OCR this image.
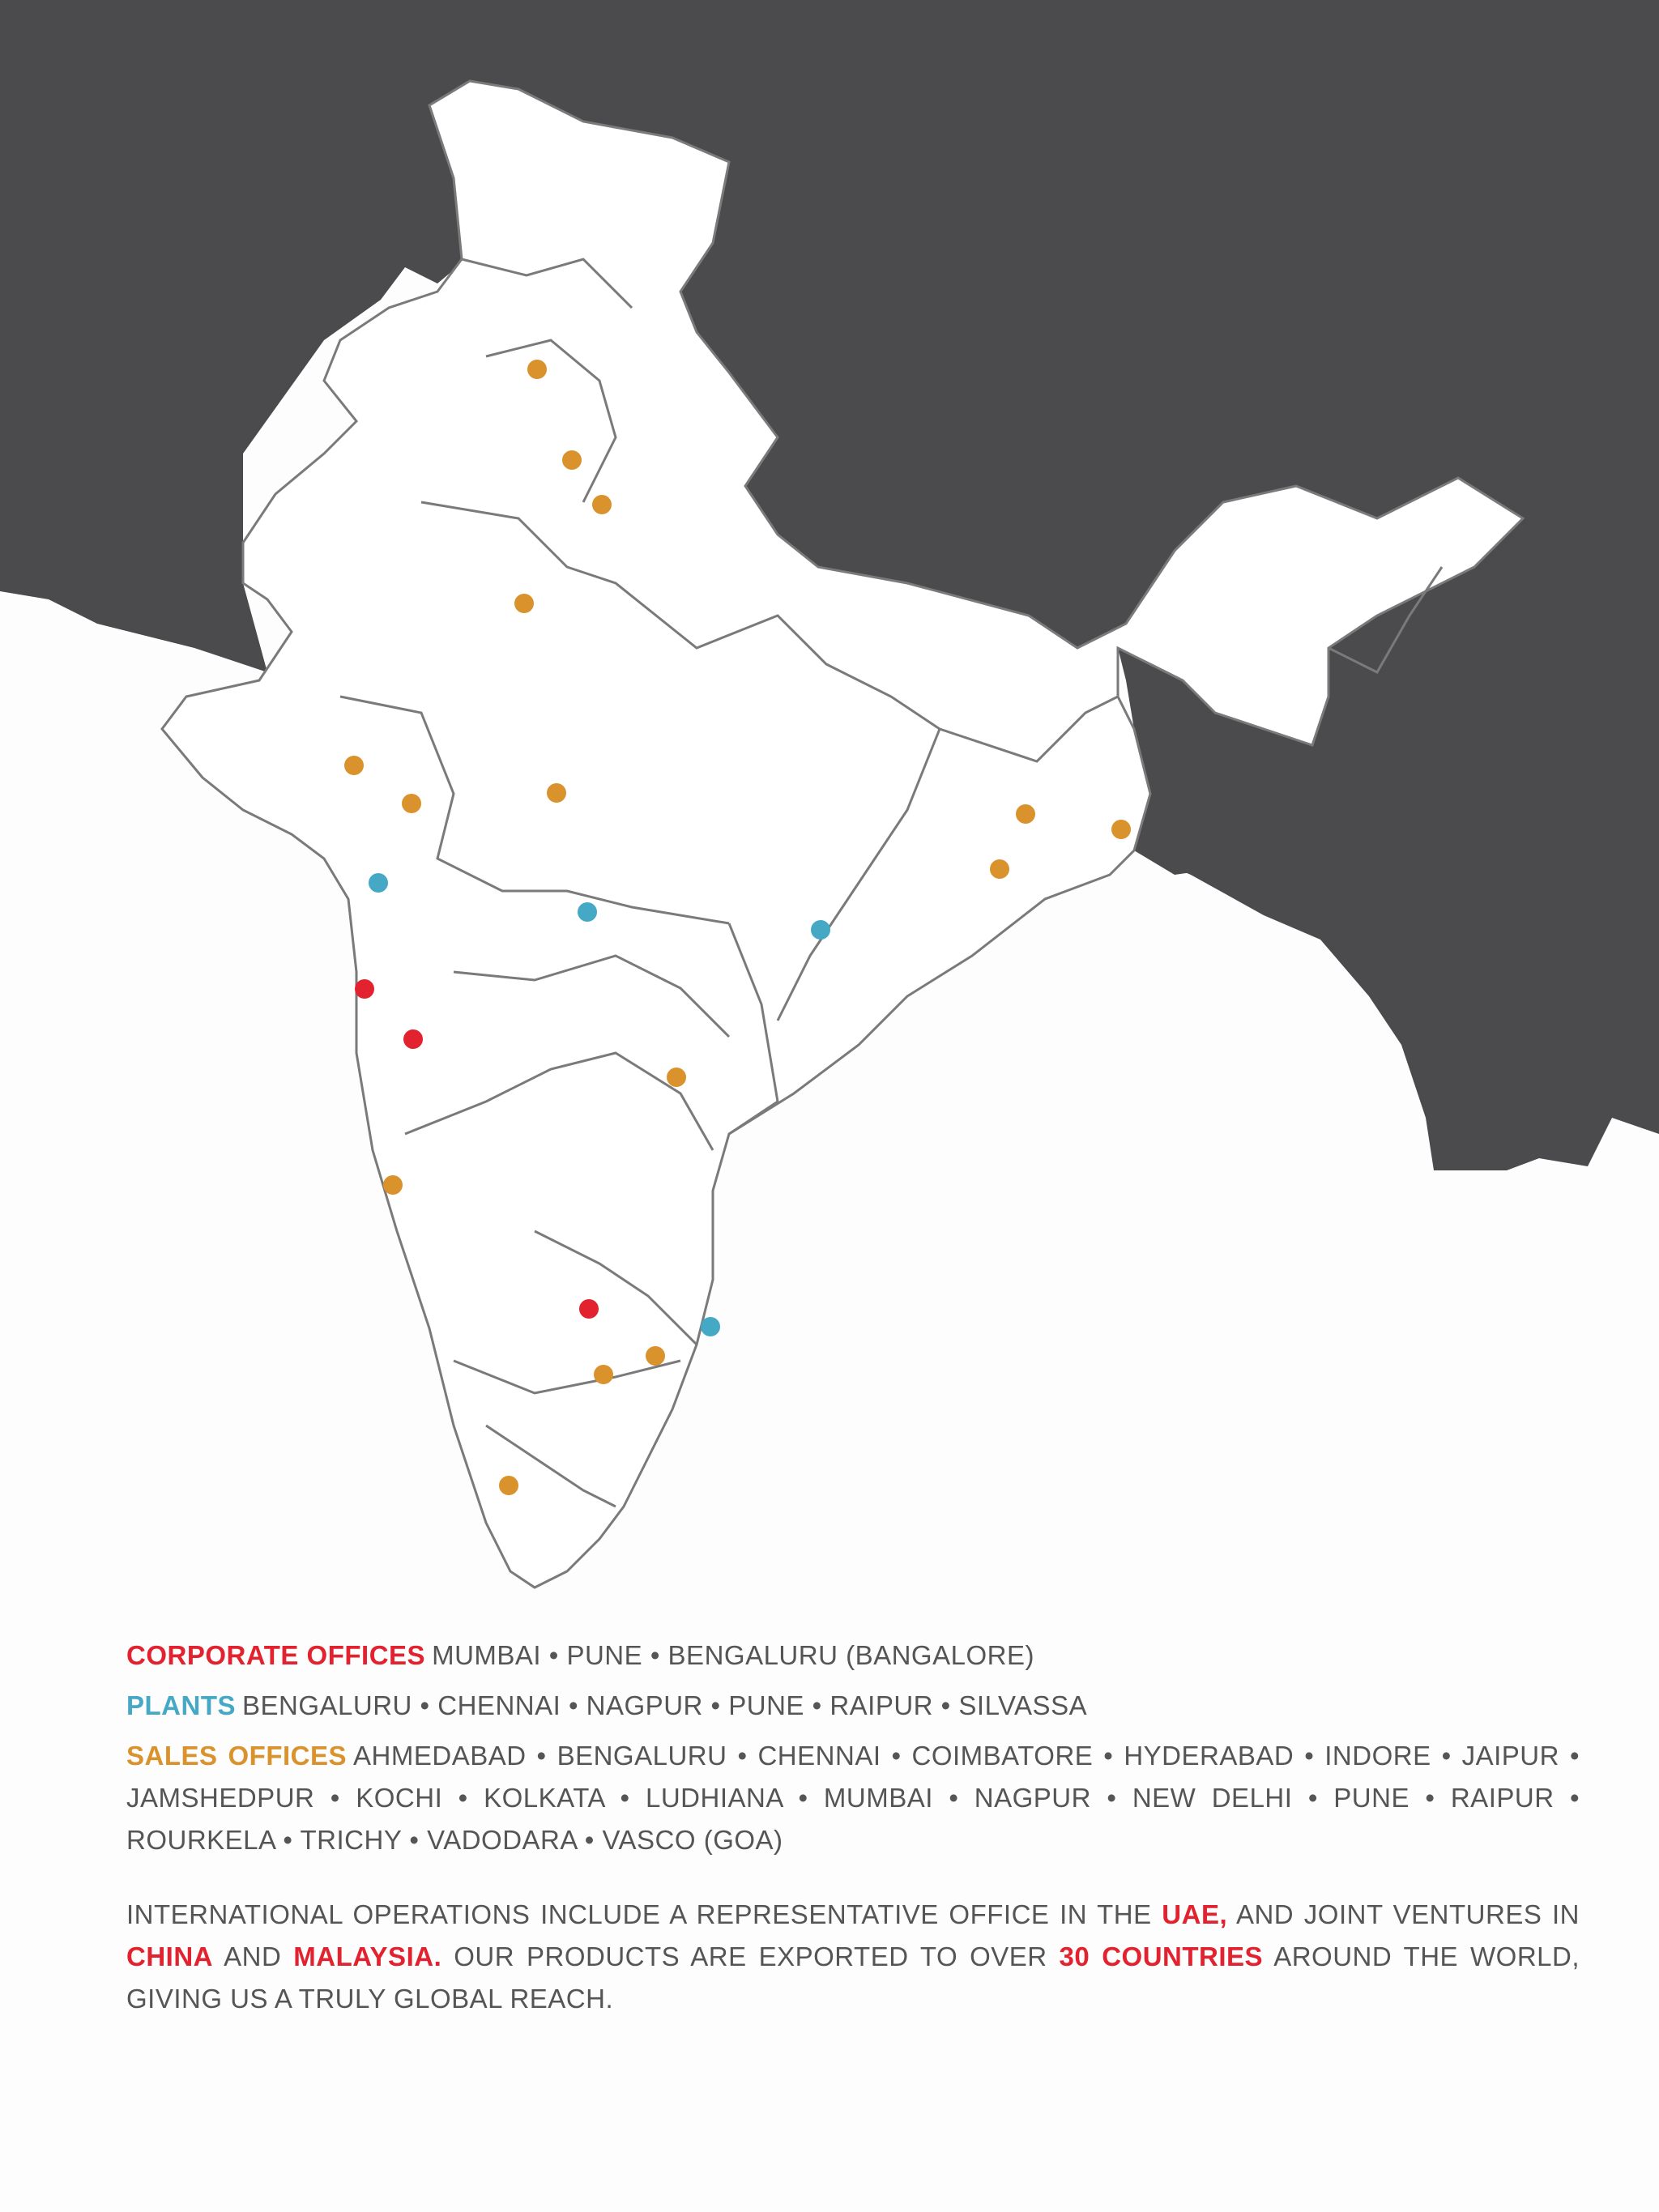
CORPORATE OFFICES MUMBAI • PUNE • BENGALURU (BANGALORE)
PLANTS BENGALURU • CHENNAI • NAGPUR • PUNE • RAIPUR • SILVASSA
SALES OFFICES AHMEDABAD • BENGALURU • CHENNAI • COIMBATORE • HYDERABAD • INDORE • JAIPUR • JAMSHEDPUR • KOCHI • KOLKATA • LUDHIANA • MUMBAI • NAGPUR • NEW DELHI • PUNE • RAIPUR • ROURKELA • TRICHY • VADODARA • VASCO (GOA)
INTERNATIONAL OPERATIONS INCLUDE A REPRESENTATIVE OFFICE IN THE UAE, AND JOINT VENTURES IN CHINA AND MALAYSIA. OUR PRODUCTS ARE EXPORTED TO OVER 30 COUNTRIES AROUND THE WORLD, GIVING US A TRULY GLOBAL REACH.
